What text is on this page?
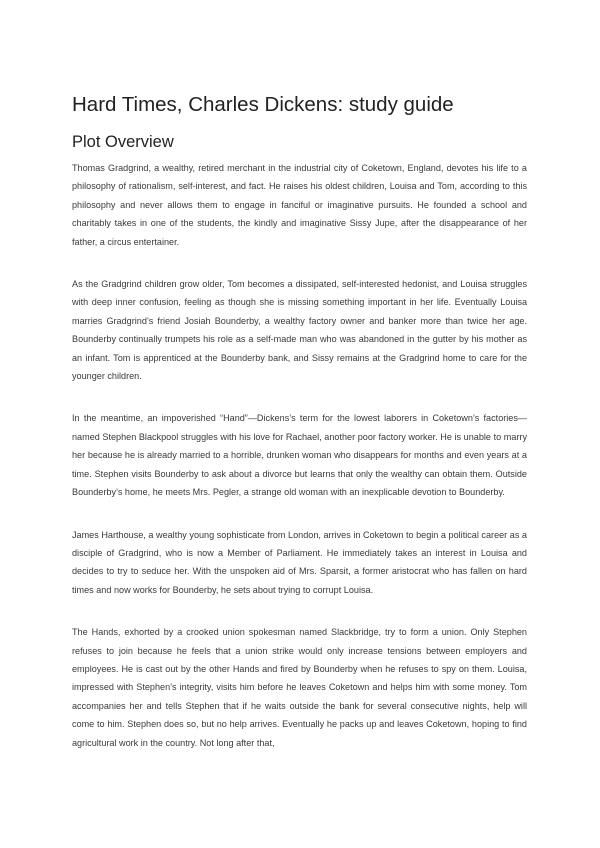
Hard Times, Charles Dickens: study guide
Plot Overview

Thomas Gradgrind, a wealthy, retired merchant in the industrial city of Coketown, England, devotes his life to a philosophy of rationalism, self-interest, and fact. He raises his oldest children, Louisa and Tom, according to this philosophy and never allows them to engage in fanciful or imaginative pursuits. He founded a school and charitably takes in one of the students, the kindly and imaginative Sissy Jupe, after the disappearance of her father, a circus entertainer.

As the Gradgrind children grow older, Tom becomes a dissipated, self-interested hedonist, and Louisa struggles with deep inner confusion, feeling as though she is missing something important in her life. Eventually Louisa marries Gradgrind’s friend Josiah Bounderby, a wealthy factory owner and banker more than twice her age. Bounderby continually trumpets his role as a self-made man who was abandoned in the gutter by his mother as an infant. Tom is apprenticed at the Bounderby bank, and Sissy remains at the Gradgrind home to care for the younger children.

In the meantime, an impoverished “Hand”—Dickens’s term for the lowest laborers in Coketown’s factories—named Stephen Blackpool struggles with his love for Rachael, another poor factory worker. He is unable to marry her because he is already married to a horrible, drunken woman who disappears for months and even years at a time. Stephen visits Bounderby to ask about a divorce but learns that only the wealthy can obtain them. Outside Bounderby’s home, he meets Mrs. Pegler, a strange old woman with an inexplicable devotion to Bounderby.

James Harthouse, a wealthy young sophisticate from London, arrives in Coketown to begin a political career as a disciple of Gradgrind, who is now a Member of Parliament. He immediately takes an interest in Louisa and decides to try to seduce her. With the unspoken aid of Mrs. Sparsit, a former aristocrat who has fallen on hard times and now works for Bounderby, he sets about trying to corrupt Louisa.

The Hands, exhorted by a crooked union spokesman named Slackbridge, try to form a union. Only Stephen refuses to join because he feels that a union strike would only increase tensions between employers and employees. He is cast out by the other Hands and fired by Bounderby when he refuses to spy on them. Louisa, impressed with Stephen’s integrity, visits him before he leaves Coketown and helps him with some money. Tom accompanies her and tells Stephen that if he waits outside the bank for several consecutive nights, help will come to him. Stephen does so, but no help arrives. Eventually he packs up and leaves Coketown, hoping to find agricultural work in the country. Not long after that,
